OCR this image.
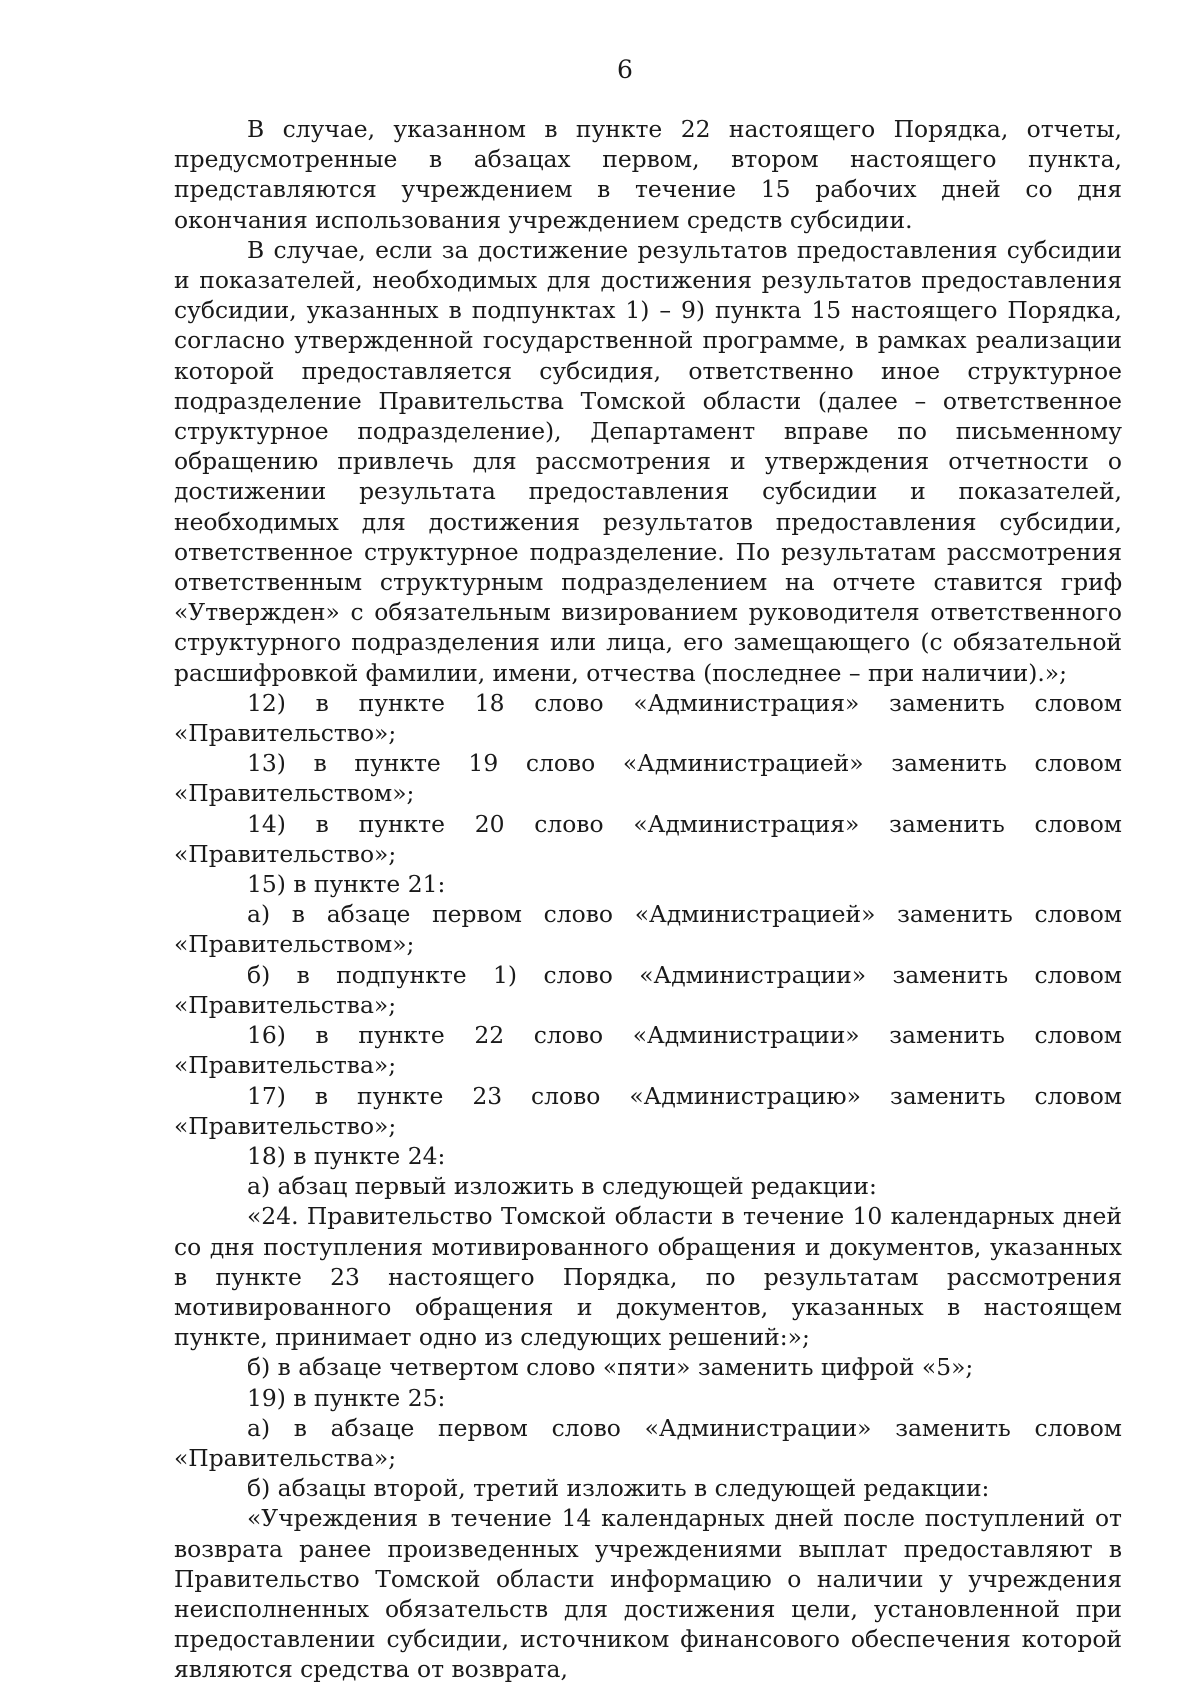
6

В случае, указанном в пункте 22 настоящего Порядка, отчеты, предусмотренные в абзацах первом, втором настоящего пункта, представляются учреждением в течение 15 рабочих дней со дня окончания использования учреждением средств субсидии.

В случае, если за достижение результатов предоставления субсидии и показателей, необходимых для достижения результатов предоставления субсидии, указанных в подпунктах 1) – 9) пункта 15 настоящего Порядка, согласно утвержденной государственной программе, в рамках реализации которой предоставляется субсидия, ответственно иное структурное подразделение Правительства Томской области (далее – ответственное структурное подразделение), Департамент вправе по письменному обращению привлечь для рассмотрения и утверждения отчетности о достижении результата предоставления субсидии и показателей, необходимых для достижения результатов предоставления субсидии, ответственное структурное подразделение. По результатам рассмотрения ответственным структурным подразделением на отчете ставится гриф «Утвержден» с обязательным визированием руководителя ответственного структурного подразделения или лица, его замещающего (с обязательной расшифровкой фамилии, имени, отчества (последнее – при наличии).»;

12) в пункте 18 слово «Администрация» заменить словом «Правительство»;

13) в пункте 19 слово «Администрацией» заменить словом «Правительством»;

14) в пункте 20 слово «Администрация» заменить словом «Правительство»;

15) в пункте 21:

а) в абзаце первом слово «Администрацией» заменить словом «Правительством»;

б) в подпункте 1) слово «Администрации» заменить словом «Правительства»;

16) в пункте 22 слово «Администрации» заменить словом «Правительства»;

17) в пункте 23 слово «Администрацию» заменить словом «Правительство»;

18) в пункте 24:

а) абзац первый изложить в следующей редакции:

«24. Правительство Томской области в течение 10 календарных дней со дня поступления мотивированного обращения и документов, указанных в пункте 23 настоящего Порядка, по результатам рассмотрения мотивированного обращения и документов, указанных в настоящем пункте, принимает одно из следующих решений:»;

б) в абзаце четвертом слово «пяти» заменить цифрой «5»;

19) в пункте 25:

а) в абзаце первом слово «Администрации» заменить словом «Правительства»;

б) абзацы второй, третий изложить в следующей редакции:

«Учреждения в течение 14 календарных дней после поступлений от возврата ранее произведенных учреждениями выплат предоставляют в Правительство Томской области информацию о наличии у учреждения неисполненных обязательств для достижения цели, установленной при предоставлении субсидии, источником финансового обеспечения которой являются средства от возврата,
